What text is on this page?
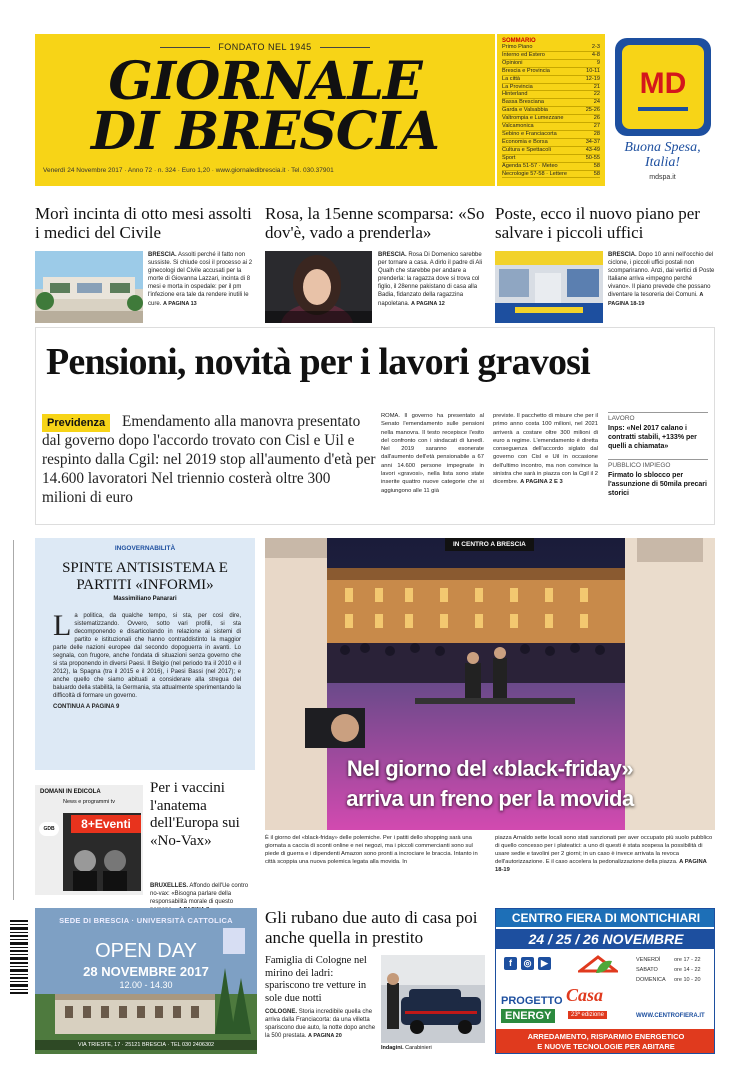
FONDATO NEL 1945
GIORNALE
DI BRESCIA
Venerdì 24 Novembre 2017 · Anno 72 · n. 324 · Euro 1,20 · www.giornaledibrescia.it · Tel. 030.37901
SOMMARIO
Primo Piano	2-3
Interno ed Estero	4-8
Opinioni	9
Brescia e Provincia	10-11
La città	12-19
La Provincia	21
Hinterland	22
Bassa Bresciana	24
Garda e Valsabbia	25-26
Valtrompia e Lumezzane	26
Valcamonica	27
Sebino e Franciacorta	28
Economia e Borsa	34-37
Cultura e Spettacoli	43-49
Sport	50-55
Agenda 51-57 · Meteo	58
Necrologie 57-58 · Lettere	58
MD
Buona Spesa,
Italia!
mdspa.it
Morì incinta di otto mesi assolti i medici del Civile
BRESCIA. Assolti perché il fatto non sussiste. Si chiude così il processo ai 2 ginecologi del Civile accusati per la morte di Giovanna Lazzari, incinta di 8 mesi e morta in ospedale: per il pm l'infezione era tale da rendere inutili le cure. A PAGINA 13
Rosa, la 15enne scomparsa: «So dov'è, vado a prenderla»
BRESCIA. Rosa Di Domenico sarebbe per tornare a casa. A dirlo il padre di Ali Qualh che starebbe per andare a prenderla: la ragazza dove si trova col figlio, il 28enne pakistano di casa alla Badia, fidanzato della ragazzina napoletana. A PAGINA 12
Poste, ecco il nuovo piano per salvare i piccoli uffici
BRESCIA. Dopo 10 anni nell'occhio del ciclone, i piccoli uffici postali non scompariranno. Anzi, dai vertici di Poste Italiane arriva «impegno perché vivano». Il piano prevede che possano diventare la tesoreria dei Comuni. A PAGINA 18-19
Pensioni, novità per i lavori gravosi
Emendamento alla manovra presentato dal governo dopo l'accordo trovato con Cisl e Uil e respinto dalla Cgil: nel 2019 stop all'aumento d'età per 14.600 lavoratori Nel triennio costerà oltre 300 milioni di euro
Previdenza
ROMA. Il governo ha presentato al Senato l'emendamento sulle pensioni nella manovra. Il testo recepisce l'esito del confronto con i sindacati di lunedì. Nel 2019 saranno esonerate dall'aumento dell'età pensionabile a 67 anni 14.600 persone impegnate in lavori «gravosi», nella lista sono state inserite quattro nuove categorie che si aggiungono alle 11 già
previste. Il pacchetto di misure che per il primo anno costa 100 milioni, nel 2021 arriverà a costare oltre 300 milioni di euro a regime. L'emendamento è diretta conseguenza dell'accordo siglato dal governo con Cisl e Uil in occasione dell'ultimo incontro, ma non convince la sinistra che sarà in piazza con la Cgil il 2 dicembre. A PAGINA 2 E 3
LAVORO
Inps: «Nel 2017 calano i contratti stabili, +133% per quelli a chiamata»
PUBBLICO IMPIEGO
Firmato lo sblocco per l'assunzione di 50mila precari storici
INGOVERNABILITÀ
SPINTE ANTISISTEMA E PARTITI «INFORMI»
Massimiliano Panarari
L a politica, da qualche tempo, si sta, per così dire, sistematizzando. Ovvero, sotto vari profili, si sta decomponendo e disarticolando in relazione ai sistemi di partito e istituzionali che hanno contraddistinto la maggior parte delle nazioni europee dal secondo dopoguerra in avanti. Lo segnala, con frugore, anche l'ondata di situazioni senza governo che si sta proponendo in diversi Paesi. Il Belgio (nel periodo tra il 2010 e il 2012), la Spagna (tra il 2015 e il 2016), i Paesi Bassi (nel 2017); e anche quello che siamo abituati a considerare alla stregua del baluardo della stabilità, la Germania, sta attualmente sperimentando la difficoltà di formare un governo.
CONTINUA A PAGINA 9
IN CENTRO A BRESCIA
Nel giorno del «black-friday»
arriva un freno per la movida
È il giorno del «black-friday» delle polemiche. Per i patiti dello shopping sarà una giornata a caccia di sconti online e nei negozi, ma i piccoli commercianti sono sul piede di guerra e i dipendenti Amazon sono pronti a incrociare le braccia. Intanto in città scoppia una nuova polemica legata alla movida. In
piazza Arnaldo sette locali sono stati sanzionati per aver occupato più suolo pubblico di quello concesso per i plateatici: a uno di questi è stata sospesa la possibilità di usare sedie e tavolini per 2 giorni; in un caso è invece arrivata la revoca dell'autorizzazione. E il caso accelera la pedonalizzazione della piazza. A PAGINA 18-19
DOMANI IN EDICOLA
News e programmi tv
GDB	8+Eventi
Per i vaccini l'anatema dell'Europa sui «No-Vax»
BRUXELLES. Affondo dell'Ue contro no-vax: «Bisogna parlare della responsabilità morale di questo
SEDE DI BRESCIA · UNIVERSITÀ CATTOLICA
OPEN DAY
28 NOVEMBRE 2017
12.00 - 14.30
VIA TRIESTE, 17 · 25121 BRESCIA · TEL 030 2406302
Gli rubano due auto di casa poi anche quella in prestito
Famiglia di Cologne nel mirino dei ladri: spariscono tre vetture in sole due notti
COLOGNE. Storia incredibile quella che arriva dalla Franciacorta: da una villetta spariscono due auto, la notte dopo anche la 500 prestata. A PAGINA 20
Indagini. Carabinieri
CENTRO FIERA DI MONTICHIARI
24 / 25 / 26 NOVEMBRE
f	◎	▶	VENERDÌ ore 17 - 22
SABATO	ore 14 - 22
DOMENICA ore 10 - 20
PROGETTO Casa
ENERGY	23ª edizione	WWW.CENTROFIERA.IT
ARREDAMENTO, RISPARMIO ENERGETICO
E NUOVE TECNOLOGIE PER ABITARE
